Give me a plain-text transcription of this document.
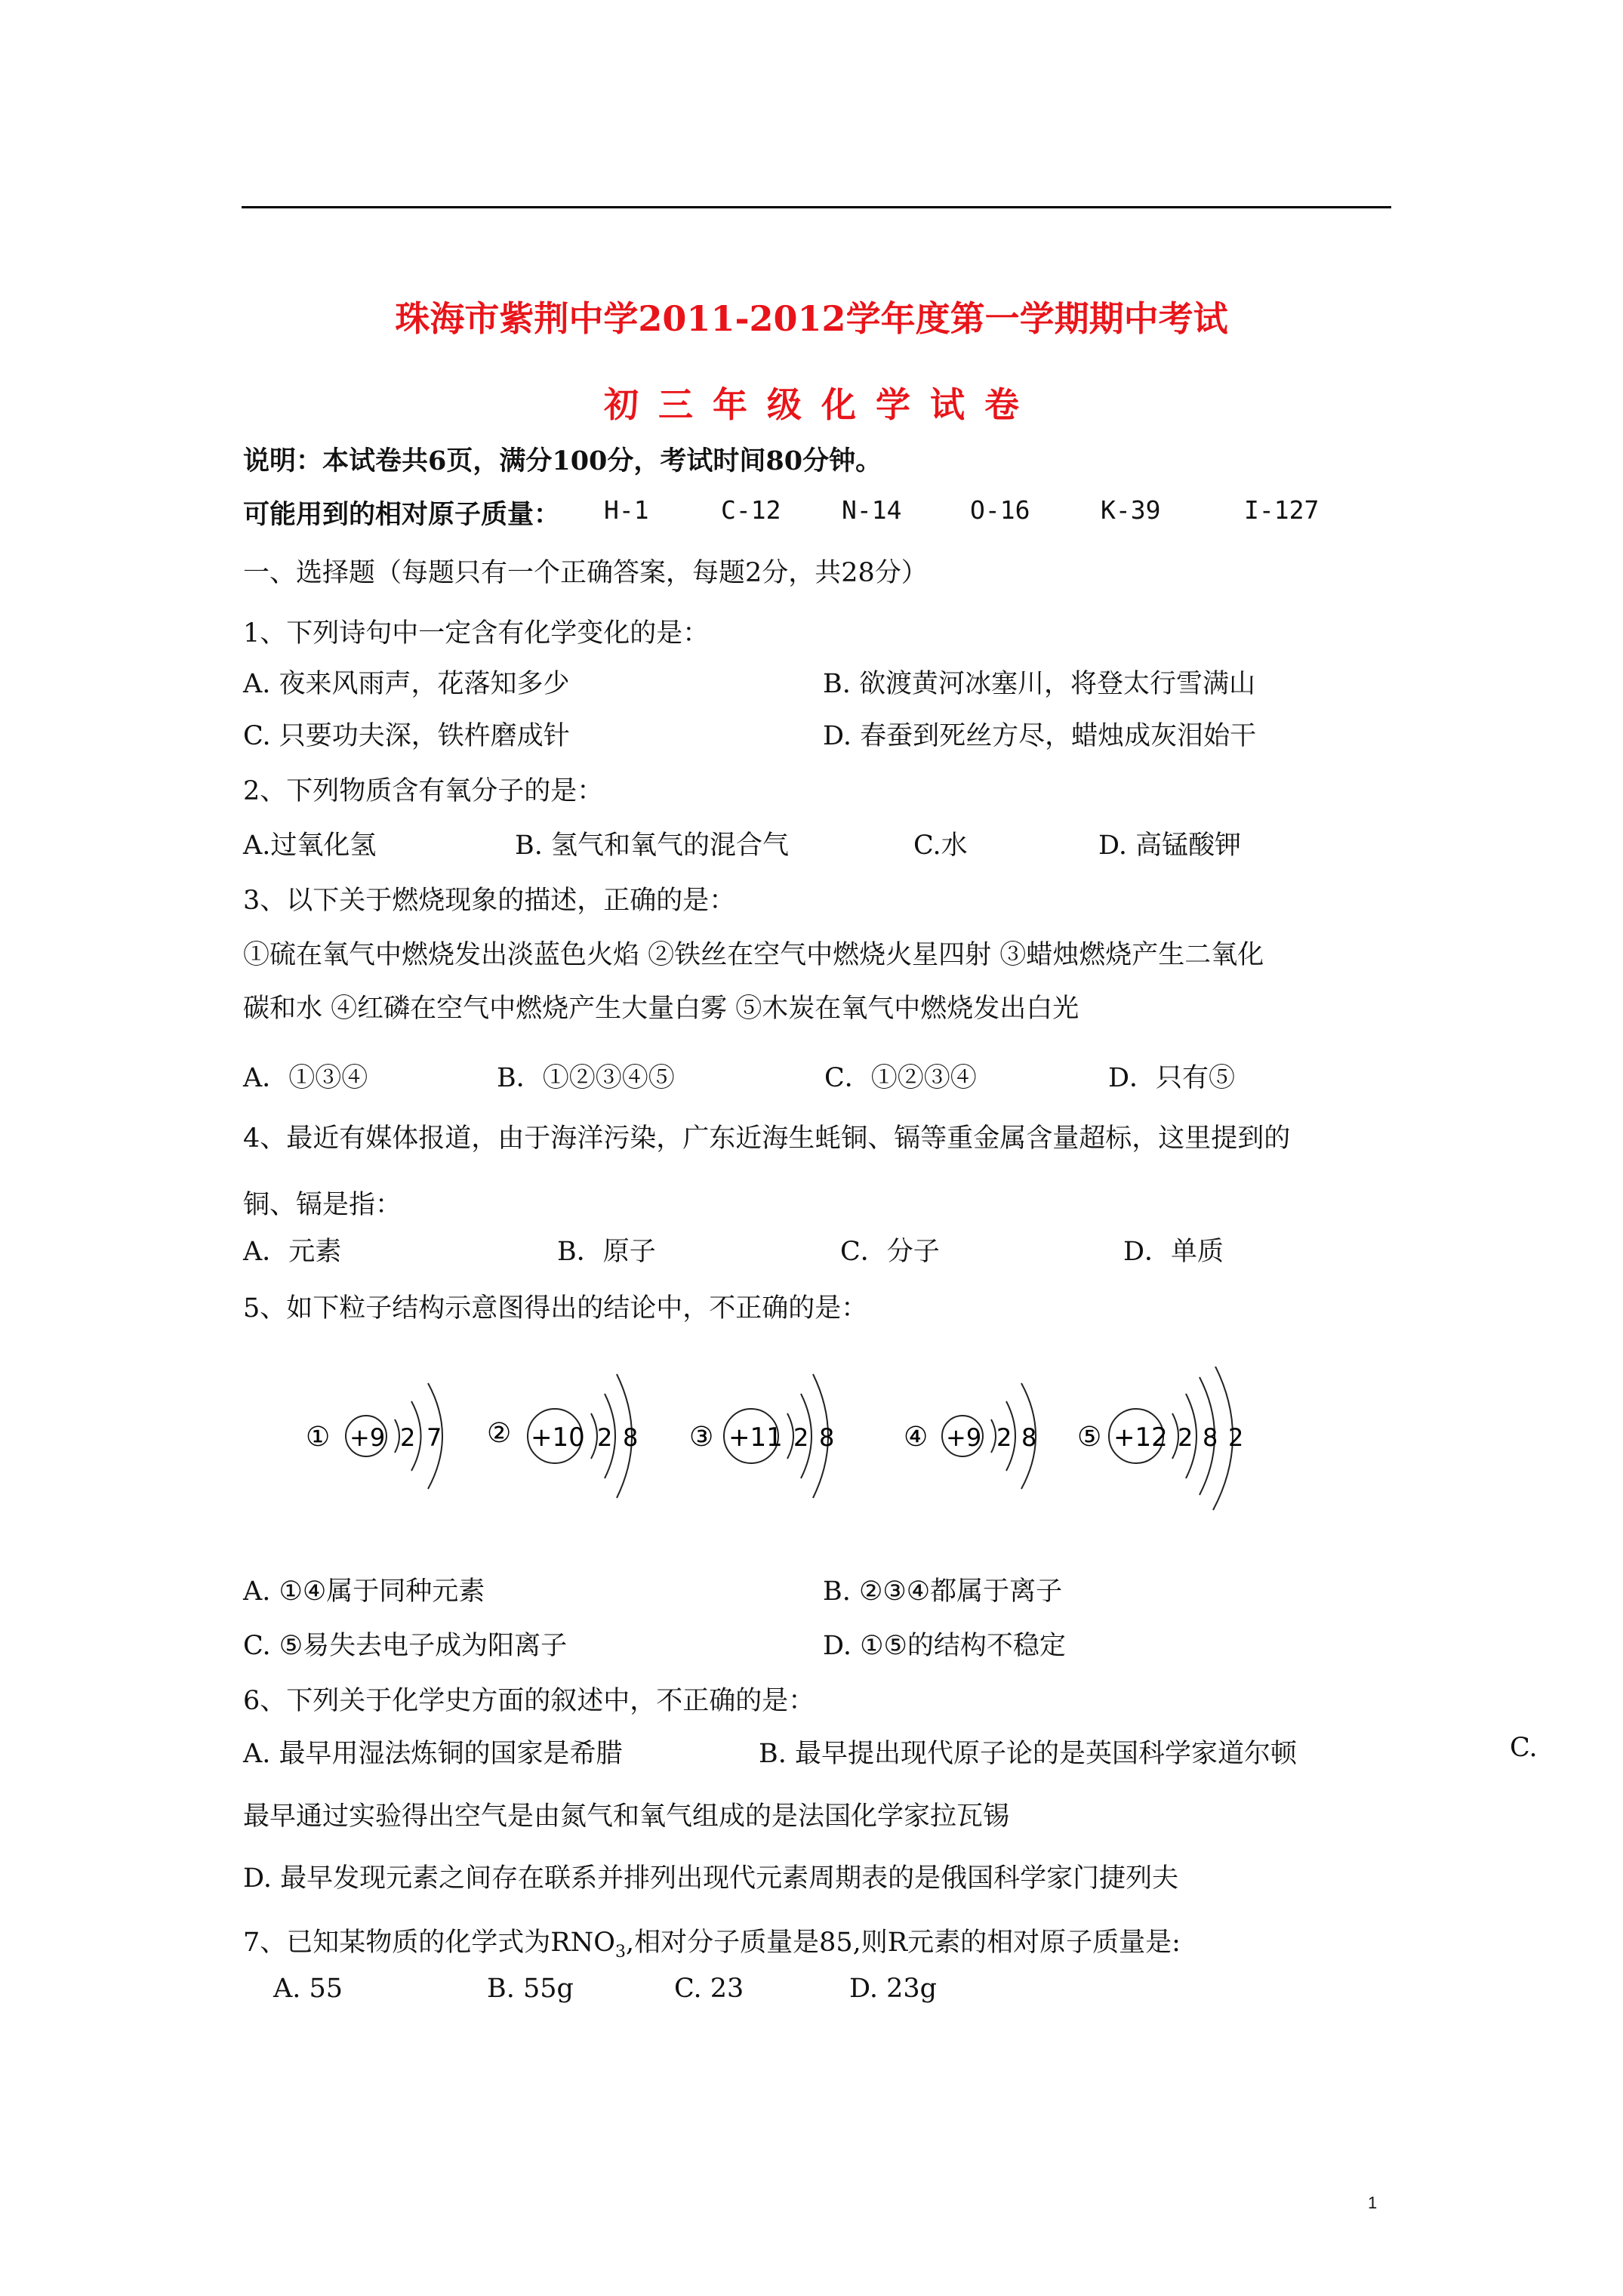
珠海市紫荆中学2011-2012学年度第一学期期中考试
初三年级化学试卷
说明：本试卷共6页，满分100分，考试时间80分钟。
可能用到的相对原子质量： H-1	C-12 N-14	O-16	K-39	I-127
一、选择题（每题只有一个正确答案，每题2分，共28分）
1、下列诗句中一定含有化学变化的是：
A. 夜来风雨声，花落知多少	B. 欲渡黄河冰塞川，将登太行雪满山
C. 只要功夫深，铁杵磨成针	D. 春蚕到死丝方尽，蜡烛成灰泪始干
2、下列物质含有氧分子的是：
A.过氧化氢	B. 氢气和氧气的混合气	C.水	D. 高锰酸钾
3、以下关于燃烧现象的描述，正确的是：
①硫在氧气中燃烧发出淡蓝色火焰 ②铁丝在空气中燃烧火星四射 ③蜡烛燃烧产生二氧化
碳和水 ④红磷在空气中燃烧产生大量白雾 ⑤木炭在氧气中燃烧发出白光
A．①③④	B．①②③④⑤	C．①②③④	D．只有⑤
4、最近有媒体报道，由于海洋污染，广东近海生蚝铜、镉等重金属含量超标，这里提到的
铜、镉是指：
A．元素	B．原子	C．分子	D．单质
5、如下粒子结构示意图得出的结论中，不正确的是：
① +9 2 7 ② +10 2 8 ③ +11 2 8	④ +9 2 8 ⑤ +12 2 8 2
A. ①④属于同种元素	B. ②③④都属于离子
C. ⑤易失去电子成为阳离子	D. ①⑤的结构不稳定
6、下列关于化学史方面的叙述中，不正确的是：
A. 最早用湿法炼铜的国家是希腊	B. 最早提出现代原子论的是英国科学家道尔顿	C.
最早通过实验得出空气是由氮气和氧气组成的是法国化学家拉瓦锡
D. 最早发现元素之间存在联系并排列出现代元素周期表的是俄国科学家门捷列夫
7、已知某物质的化学式为$RNO_3$,相对分子质量是85,则R元素的相对原子质量是:
A. 55	B. 55g	C. 23	D. 23g
1
